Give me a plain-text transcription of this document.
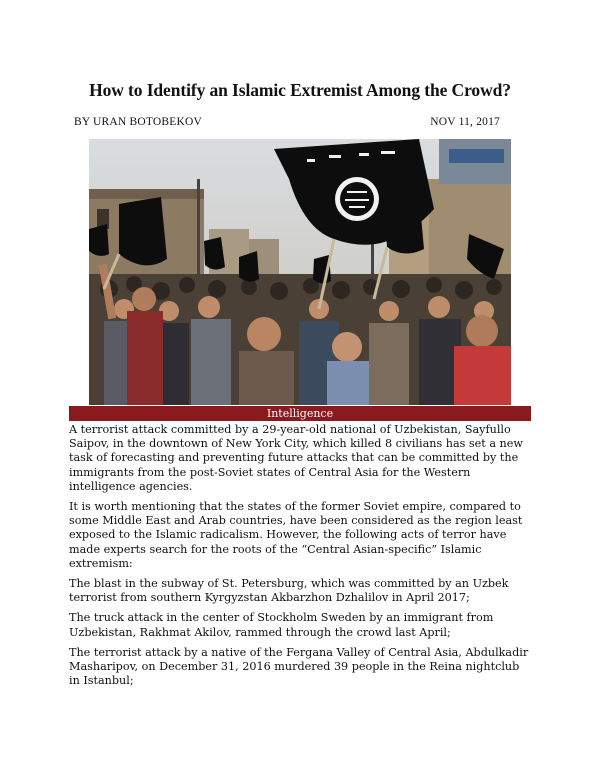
How to Identify an Islamic Extremist Among the Crowd?
BY URAN BOTOBEKOV	NOV 11, 2017
Intelligence

A terrorist attack committed by a 29-year-old national of Uzbekistan, Sayfullo Saipov, in the downtown of New York City, which killed 8 civilians has set a new task of forecasting and preventing future attacks that can be committed by the immigrants from the post-Soviet states of Central Asia for the Western intelligence agencies.

It is worth mentioning that the states of the former Soviet empire, compared to some Middle East and Arab countries, have been considered as the region least exposed to the Islamic radicalism. However, the following acts of terror have made experts search for the roots of the “Central Asian-specific” Islamic extremism:

The blast in the subway of St. Petersburg, which was committed by an Uzbek terrorist from southern Kyrgyzstan Akbarzhon Dzhalilov in April 2017;

The truck attack in the center of Stockholm Sweden by an immigrant from Uzbekistan, Rakhmat Akilov, rammed through the crowd last April;

The terrorist attack by a native of the Fergana Valley of Central Asia, Abdulkadir Masharipov, on December 31, 2016 murdered 39 people in the Reina nightclub in Istanbul;
